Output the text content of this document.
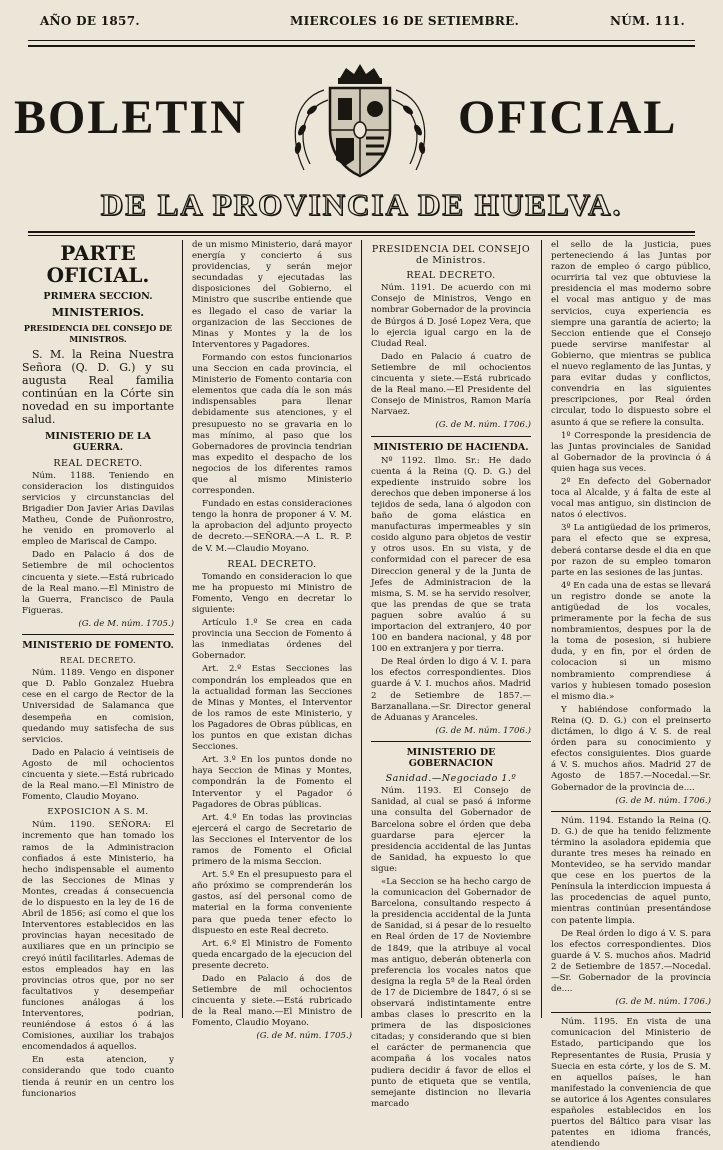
AÑO DE 1857.	MIERCOLES 16 DE SETIEMBRE.	NÚM. 111.
BOLETIN	OFICIAL
DE LA PROVINCIA DE HUELVA.

PARTE OFICIAL.

PRIMERA SECCION.

MINISTERIOS.

PRESIDENCIA DEL CONSEJO DE MINISTROS.

S. M. la Reina Nuestra Señora (Q. D. G.) y su augusta Real familia continúan en la Córte sin novedad en su importante salud.

MINISTERIO DE LA GUERRA.

REAL DECRETO.

Núm. 1188. Teniendo en consideracion los distinguidos servicios y circunstancias del Brigadier Don Javier Arias Davilas Matheu, Conde de Puñonrostro, he venido en promoverlo al empleo de Mariscal de Campo.

Dado en Palacio á dos de Setiembre de mil ochocientos cincuenta y siete.—Está rubricado de la Real mano.—El Ministro de la Guerra, Francisco de Paula Figueras.

(G. de M. núm. 1705.)

MINISTERIO DE FOMENTO.

REAL DECRETO.

Núm. 1189. Vengo en disponer que D. Pablo Gonzalez Huebra cese en el cargo de Rector de la Universidad de Salamanca que desempeña en comision, quedando muy satisfecha de sus servicios.

Dado en Palacio á veintiseis de Agosto de mil ochocientos cincuenta y siete.—Está rubricado de la Real mano.—El Ministro de Fomento, Claudio Moyano.

EXPOSICION A S. M.

Núm. 1190. SEÑORA: El incremento que han tomado los ramos de la Administracion confiados á este Ministerio, ha hecho indispensable el aumento de las Secciones de Minas y Montes, creadas á consecuencia de lo dispuesto en la ley de 16 de Abril de 1856; así como el que los Interventores establecidos en las provincias hayan necesitado de auxiliares que en un principio se creyó inútil facilitarles. Ademas de estos empleados hay en las provincias otros que, por no ser facultativos y desempeñar funciones análogas á los Interventores, podrian, reuniéndose á estos ó á las Comisiones, auxiliar los trabajos encomendados á aquellos.

En esta atencion, y considerando que todo cuanto tienda á reunir en un centro los funcionarios

de un mismo Ministerio, dará mayor energía y concierto á sus providencias, y serán mejor secundadas y ejecutadas las disposiciones del Gobierno, el Ministro que suscribe entiende que es llegado el caso de variar la organizacion de las Secciones de Minas y Montes y la de los Interventores y Pagadores.

Formando con estos funcionarios una Seccion en cada provincia, el Ministerio de Fomento contaria con elementos que cada día le son más indispensables para llenar debidamente sus atenciones, y el presupuesto no se gravaria en lo mas mínimo, al paso que los Gobernadores de provincia tendrian mas expedito el despacho de los negocios de los diferentes ramos que al mismo Ministerio corresponden.

Fundado en estas consideraciones tengo la honra de proponer á V. M. la aprobacion del adjunto proyecto de decreto.—SEÑORA.—A L. R. P. de V. M.—Claudio Moyano.

REAL DECRETO.

Tomando en consideracion lo que me ha propuesto mi Ministro de Fomento, Vengo en decretar lo siguiente:

Artículo 1.º Se crea en cada provincia una Seccion de Fomento á las inmediatas órdenes del Gobernador.

Art. 2.º Estas Secciones las compondrán los empleados que en la actualidad forman las Secciones de Minas y Montes, el Interventor de los ramos de este Ministerio, y los Pagadores de Obras públicas, en los puntos en que existan dichas Secciones.

Art. 3.º En los puntos donde no haya Seccion de Minas y Montes, compondrán la de Fomento el Interventor y el Pagador ó Pagadores de Obras públicas.

Art. 4.º En todas las provincias ejercerá el cargo de Secretario de las Secciones el Interventor de los ramos de Fomento el Oficial primero de la misma Seccion.

Art. 5.º En el presupuesto para el año próximo se comprenderán los gastos, así del personal como de material en la forma conveniente para que pueda tener efecto lo dispuesto en este Real decreto.

Art. 6.º El Ministro de Fomento queda encargado de la ejecucion del presente decreto.

Dado en Palacio á dos de Setiembre de mil ochocientos cincuenta y siete.—Está rubricado de la Real mano.—El Ministro de Fomento, Claudio Moyano.

(G. de M. núm. 1705.)

PRESIDENCIA DEL CONSEJO de Ministros.

REAL DECRETO.

Núm. 1191. De acuerdo con mi Consejo de Ministros, Vengo en nombrar Gobernador de la provincia de Búrgos á D. José Lopez Vera, que lo ejercia igual cargo en la de Ciudad Real.

Dado en Palacio á cuatro de Setiembre de mil ochocientos cincuenta y siete.—Está rubricado de la Real mano.—El Presidente del Consejo de Ministros, Ramon María Narvaez.

(G. de M. núm. 1706.)

MINISTERIO DE HACIENDA.

Nº 1192. Ilmo. Sr.: He dado cuenta á la Reina (Q. D. G.) del expediente instruido sobre los derechos que deben imponerse á los tejidos de seda, lana ó algodon con baño de goma elástica en manufacturas impermeables y sin cosido alguno para objetos de vestir y otros usos. En su vista, y de conformidad con el parecer de esa Direccion general y de la Junta de Jefes de Administracion de la misma, S. M. se ha servido resolver, que las prendas de que se trata paguen sobre avalúo á su importacion del extranjero, 40 por 100 en bandera nacional, y 48 por 100 en extranjera y por tierra.

De Real órden lo digo á V. I. para los efectos correspondientes. Dios guarde á V. I. muchos años. Madrid 2 de Setiembre de 1857.—Barzanallana.—Sr. Director general de Aduanas y Aranceles.

(G. de M. núm. 1706.)

MINISTERIO DE GOBERNACION

Sanidad.—Negociado 1.º

Núm. 1193. El Consejo de Sanidad, al cual se pasó á informe una consulta del Gobernador de Barcelona sobre el órden que deba guardarse para ejercer la presidencia accidental de las Juntas de Sanidad, ha expuesto lo que sigue:

«La Seccion se ha hecho cargo de la comunicacion del Gobernador de Barcelona, consultando respecto á la presidencia accidental de la Junta de Sanidad, si á pesar de lo resuelto en Real órden de 17 de Noviembre de 1849, que la atribuye al vocal mas antiguo, deberán obtenerla con preferencia los vocales natos que designa la regla 5ª de la Real órden de 17 de Diciembre de 1847, ó si se observará indistintamente entre ambas clases lo prescrito en la primera de las disposiciones citadas; y considerando que si bien el carácter de permanencia que acompaña á los vocales natos pudiera decidir á favor de ellos el punto de etiqueta que se ventila, semejante distincion no llevaria marcado

el sello de la justicia, pues perteneciendo á las Juntas por razon de empleo ó cargo público, ocurriria tal vez que obtuviese la presidencia el mas moderno sobre el vocal mas antiguo y de mas servicios, cuya experiencia es siempre una garantía de acierto; la Seccion entiende que el Consejo puede servirse manifestar al Gobierno, que mientras se publica el nuevo reglamento de las Juntas, y para evitar dudas y conflictos, convendria en las siguientes prescripciones, por Real órden circular, todo lo dispuesto sobre el asunto á que se refiere la consulta.

1º Corresponde la presidencia de las Juntas provinciales de Sanidad al Gobernador de la provincia ó á quien haga sus veces.

2º En defecto del Gobernador toca al Alcalde, y á falta de este al vocal mas antiguo, sin distincion de natos ó electivos.

3º La antigüedad de los primeros, para el efecto que se expresa, deberá contarse desde el dia en que por razon de su empleo tomaron parte en las sesiones de las juntas.

4º En cada una de estas se llevará un registro donde se anote la antigüedad de los vocales, primeramente por la fecha de sus nombramientos, despues por la de la toma de posesion, si hubiere duda, y en fin, por el órden de colocacion si un mismo nombramiento comprendiese á varios y hubiesen tomado posesion el mismo dia.»

Y habiéndose conformado la Reina (Q. D. G.) con el preinserto dictámen, lo digo á V. S. de real órden para su conocimiento y efectos consiguientes. Dios guarde á V. S. muchos años. Madrid 27 de Agosto de 1857.—Nocedal.—Sr. Gobernador de la provincia de....

(G. de M. núm. 1706.)

Núm. 1194. Estando la Reina (Q. D. G.) de que ha tenido felizmente término la asoladora epidemia que durante tres meses ha reinado en Montevideo, se ha servido mandar que cese en los puertos de la Península la interdiccion impuesta á las procedencias de aquel punto, mientras continúan presentándose con patente limpia.

De Real órden lo digo á V. S. para los efectos correspondientes. Dios guarde á V. S. muchos años. Madrid 2 de Setiembre de 1857.—Nocedal.—Sr. Gobernador de la provincia de....

(G. de M. núm. 1706.)

Núm. 1195. En vista de una comunicacion del Ministerio de Estado, participando que los Representantes de Rusia, Prusia y Suecia en esta córte, y los de S. M. en aquellos países, le han manifestado la conveniencia de que se autorice á los Agentes consulares españoles establecidos en los puertos del Báltico para visar las patentes en idioma francés, atendiendo
